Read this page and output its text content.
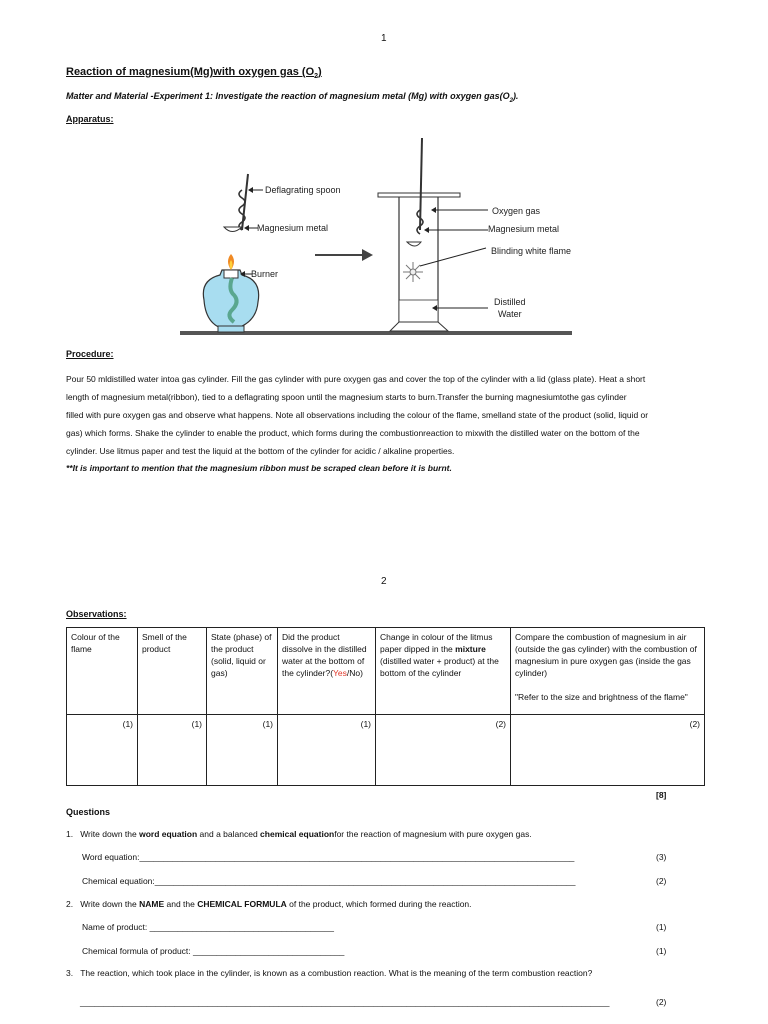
1
Reaction of magnesium(Mg)with oxygen gas $(O_2)$
Matter and Material -Experiment 1: Investigate the reaction of magnesium metal (Mg) with oxygen $gas(O_2)$.
Apparatus:
Deflagrating spoon
Magnesium metal
Burner
Oxygen gas
Magnesium metal
Blinding white flame
Distilled
Water
Procedure:
Pour 50 mldistilled water intoa gas cylinder. Fill the gas cylinder with pure oxygen gas and cover the top of the cylinder with a lid (glass plate). Heat a short
length of magnesium metal(ribbon), tied to a deflagrating spoon until the magnesium starts to burn.Transfer the burning magnesiumtothe gas cylinder
filled with pure oxygen gas and observe what happens. Note all observations including the colour of the flame, smelland state of the product (solid, liquid or
gas) which forms. Shake the cylinder to enable the product, which forms during the combustionreaction to mixwith the distilled water on the bottom of the
cylinder. Use litmus paper and test the liquid at the bottom of the cylinder for acidic / alkaline properties.
**It is important to mention that the magnesium ribbon must be scraped clean before it is burnt.
2
Observations:
Colour of the flame	Smell of the product	State (phase) of the product (solid, liquid or gas)	Did the product dissolve in the distilled water at the bottom of the cylinder?(Yes/No)	Change in colour of the litmus paper dipped in the mixture (distilled water + product) at the bottom of the cylinder	Compare the combustion of magnesium in air (outside the gas cylinder) with the combustion of magnesium in pure oxygen gas (inside the gas cylinder)

"Refer to the size and brightness of the flame"
(1)	(1)	(1)	(1)	(2)	(2)
[8]
Questions
1. Write down the word equation and a balanced chemical equationfor the reaction of magnesium with pure oxygen gas.
Word equation:____________________________________________________________________________________________	(3)
Chemical equation:_________________________________________________________________________________________	(2)
2. Write down the NAME and the CHEMICAL FORMULA of the product, which formed during the reaction.
Name of product: _______________________________________	(1)
Chemical formula of product: ________________________________	(1)
3. The reaction, which took place in the cylinder, is known as a combustion reaction. What is the meaning of the term combustion reaction?
________________________________________________________________________________________________________________	(2)
